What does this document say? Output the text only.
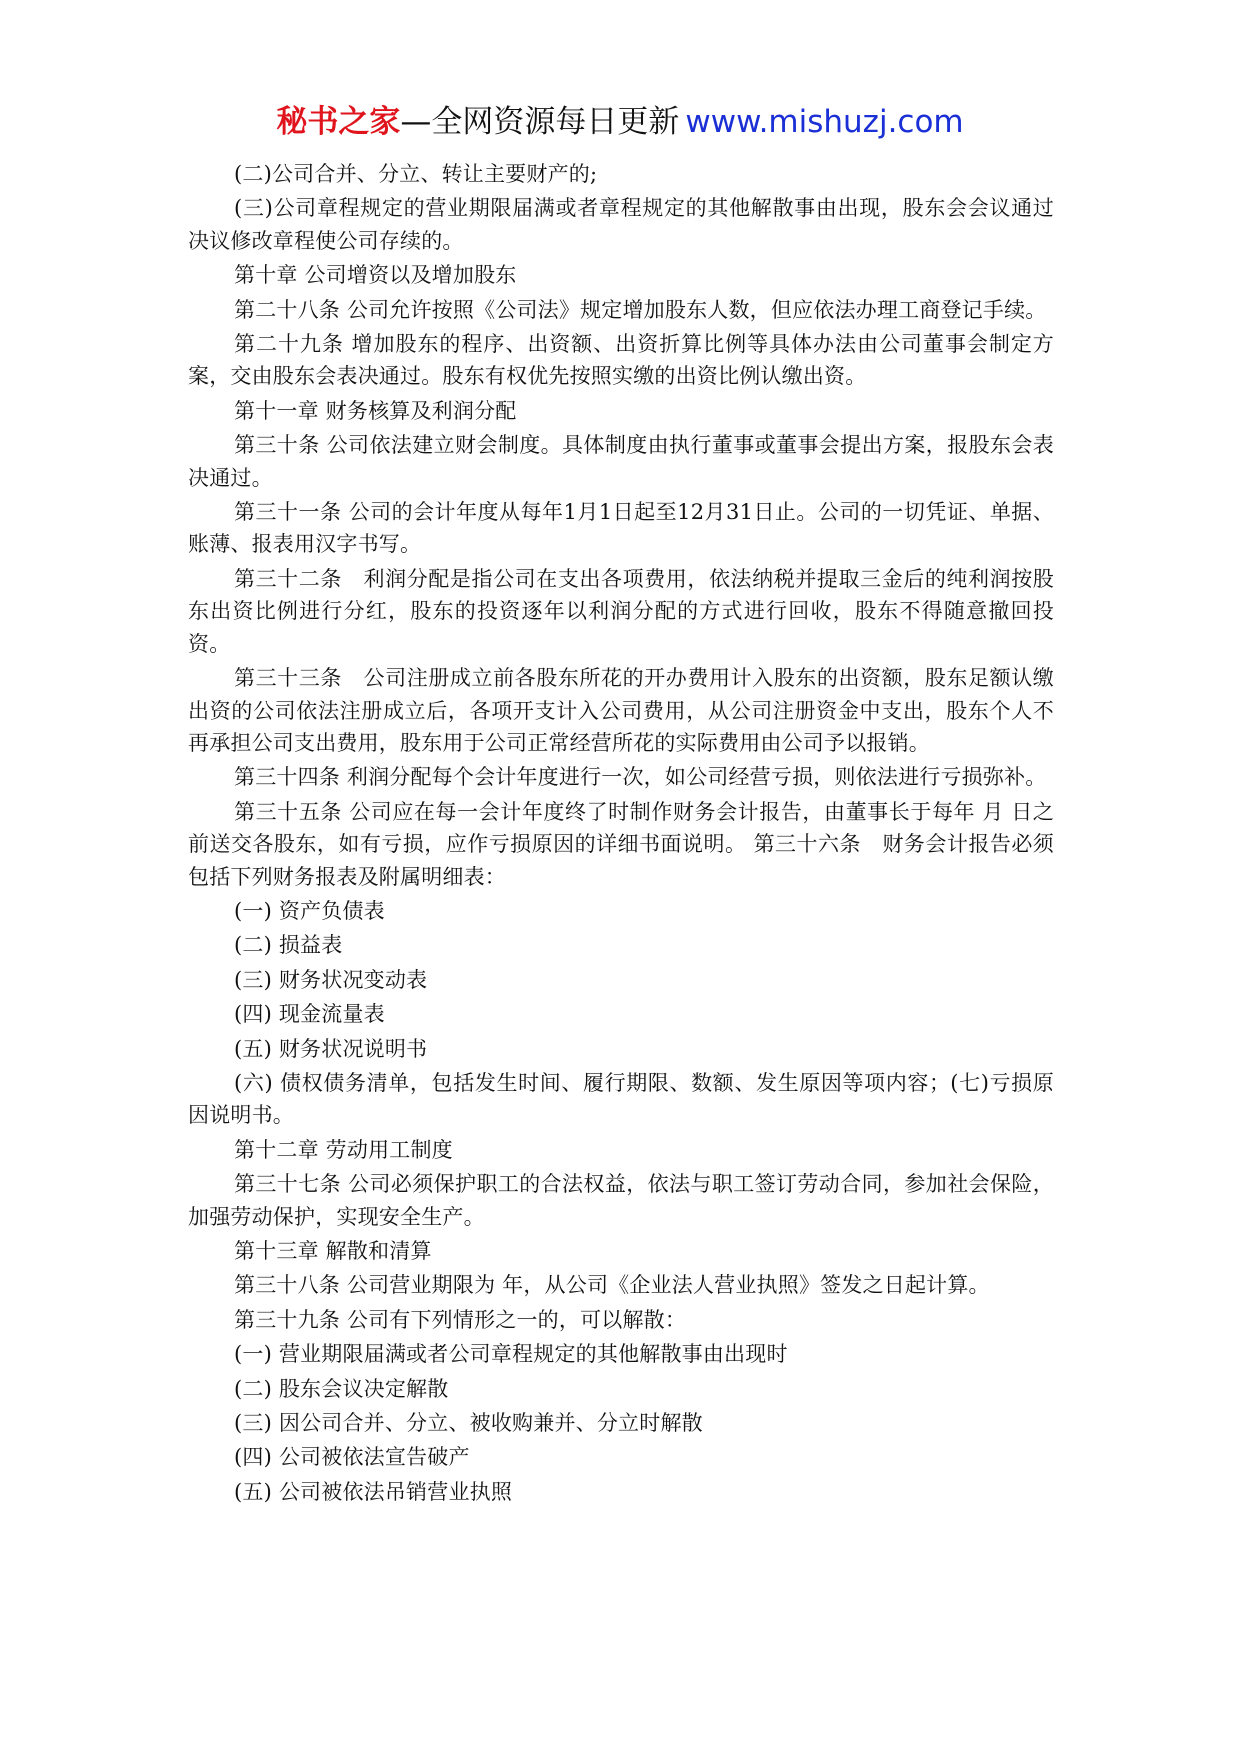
秘书之家—全网资源每日更新 www.mishuzj.com

(二)公司合并、分立、转让主要财产的;

(三)公司章程规定的营业期限届满或者章程规定的其他解散事由出现，股东会会议通过决议修改章程使公司存续的。

第十章 公司增资以及增加股东

第二十八条 公司允许按照《公司法》规定增加股东人数，但应依法办理工商登记手续。

第二十九条 增加股东的程序、出资额、出资折算比例等具体办法由公司董事会制定方案，交由股东会表决通过。股东有权优先按照实缴的出资比例认缴出资。

第十一章 财务核算及利润分配

第三十条 公司依法建立财会制度。具体制度由执行董事或董事会提出方案，报股东会表决通过。

第三十一条 公司的会计年度从每年1月1日起至12月31日止。公司的一切凭证、单据、账薄、报表用汉字书写。

第三十二条　利润分配是指公司在支出各项费用，依法纳税并提取三金后的纯利润按股东出资比例进行分红，股东的投资逐年以利润分配的方式进行回收，股东不得随意撤回投资。

第三十三条　公司注册成立前各股东所花的开办费用计入股东的出资额，股东足额认缴出资的公司依法注册成立后，各项开支计入公司费用，从公司注册资金中支出，股东个人不再承担公司支出费用，股东用于公司正常经营所花的实际费用由公司予以报销。

第三十四条 利润分配每个会计年度进行一次，如公司经营亏损，则依法进行亏损弥补。

第三十五条 公司应在每一会计年度终了时制作财务会计报告，由董事长于每年 月 日之前送交各股东，如有亏损，应作亏损原因的详细书面说明。 第三十六条　财务会计报告必须包括下列财务报表及附属明细表：

(一) 资产负债表

(二) 损益表

(三) 财务状况变动表

(四) 现金流量表

(五) 财务状况说明书

(六) 债权债务清单，包括发生时间、履行期限、数额、发生原因等项内容；(七)亏损原因说明书。

第十二章 劳动用工制度

第三十七条 公司必须保护职工的合法权益，依法与职工签订劳动合同，参加社会保险，加强劳动保护，实现安全生产。

第十三章 解散和清算

第三十八条 公司营业期限为 年，从公司《企业法人营业执照》签发之日起计算。

第三十九条 公司有下列情形之一的，可以解散：

(一) 营业期限届满或者公司章程规定的其他解散事由出现时

(二) 股东会议决定解散

(三) 因公司合并、分立、被收购兼并、分立时解散

(四) 公司被依法宣告破产

(五) 公司被依法吊销营业执照
